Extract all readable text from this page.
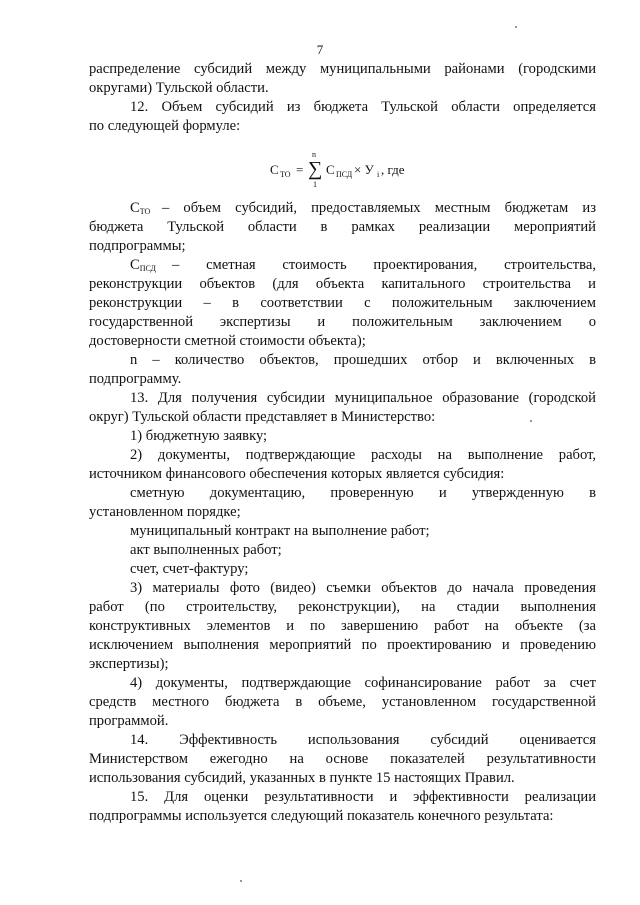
7
распределение субсидий между муниципальными районами (городскими
округами) Тульской области.
12. Объем субсидий из бюджета Тульской области определяется
по следующей формуле:
С ТО =
n
∑
1
С ПСД × У i , где
СТО – объем субсидий, предоставляемых местным бюджетам из
бюджета Тульской области в рамках реализации мероприятий
подпрограммы;
СПСД	– сметная стоимость проектирования, строительства,
реконструкции объектов (для объекта капитального строительства и
реконструкции – в соответствии с положительным заключением
государственной экспертизы и положительным заключением о
достоверности сметной стоимости объекта);
n – количество объектов, прошедших отбор и включенных в
подпрограмму.
13. Для получения субсидии муниципальное образование (городской
округ) Тульской области представляет в Министерство:
1) бюджетную заявку;
2) документы, подтверждающие расходы на выполнение работ,
источником финансового обеспечения которых является субсидия:
сметную документацию, проверенную и утвержденную в
установленном порядке;
муниципальный контракт на выполнение работ;
акт выполненных работ;
счет, счет-фактуру;
3) материалы фото (видео) съемки объектов до начала проведения
работ (по строительству, реконструкции), на стадии выполнения
конструктивных элементов и по завершению работ на объекте (за
исключением выполнения мероприятий по проектированию и проведению
экспертизы);
4) документы, подтверждающие софинансирование работ за счет
средств местного бюджета в объеме, установленном государственной
программой.
14. Эффективность использования субсидий оценивается
Министерством ежегодно на основе показателей результативности
использования субсидий, указанных в пункте 15 настоящих Правил.
15. Для оценки результативности и эффективности реализации
подпрограммы используется следующий показатель конечного результата:
